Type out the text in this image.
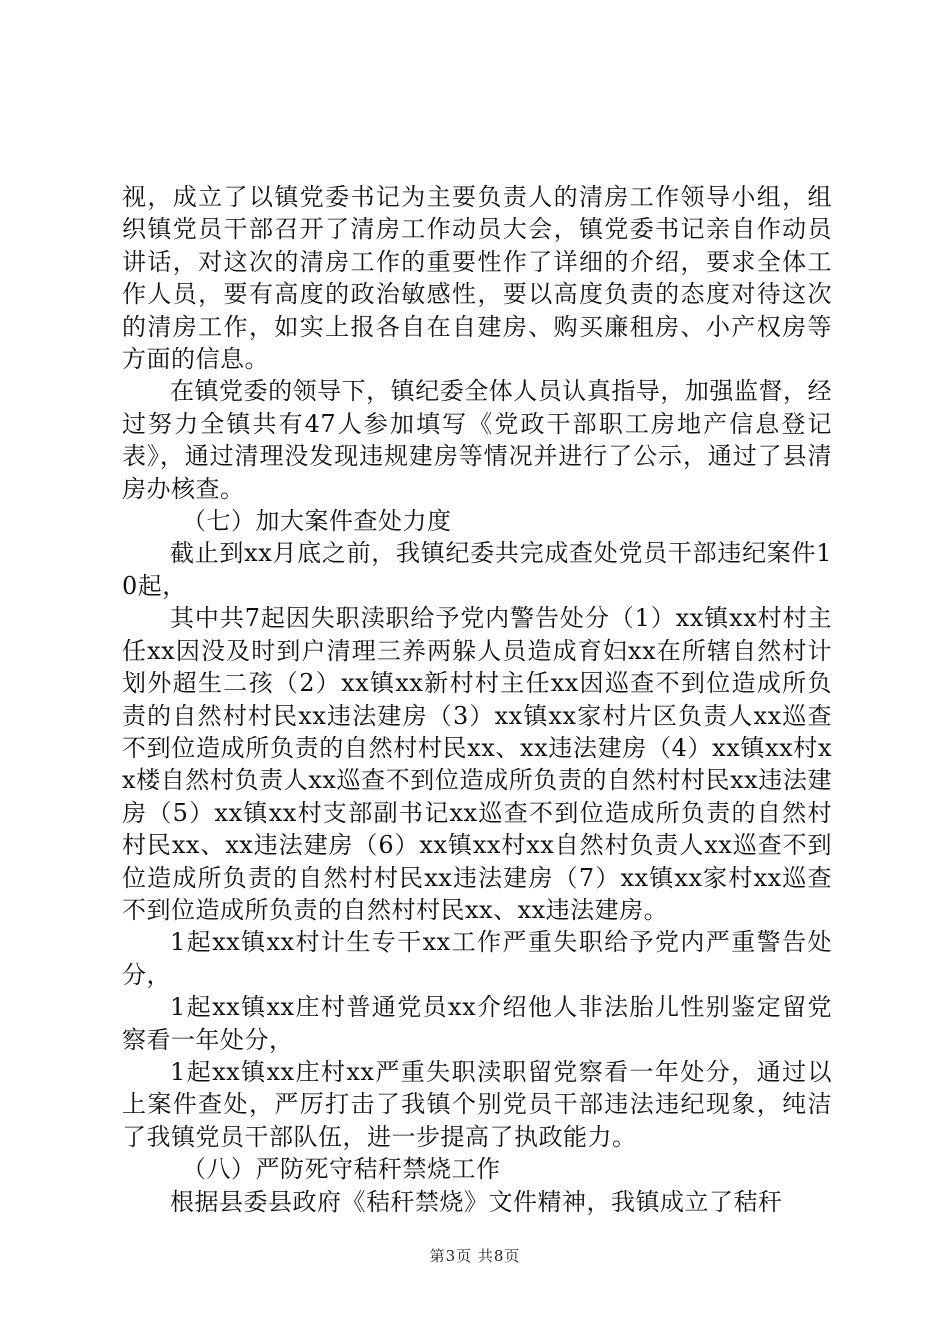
视，成立了以镇党委书记为主要负责人的清房工作领导小组，组织镇党员干部召开了清房工作动员大会，镇党委书记亲自作动员讲话，对这次的清房工作的重要性作了详细的介绍，要求全体工作人员，要有高度的政治敏感性，要以高度负责的态度对待这次的清房工作，如实上报各自在自建房、购买廉租房、小产权房等方面的信息。

在镇党委的领导下，镇纪委全体人员认真指导，加强监督，经过努力全镇共有47人参加填写《党政干部职工房地产信息登记表》，通过清理没发现违规建房等情况并进行了公示，通过了县清房办核查。

（七）加大案件查处力度

截止到xx月底之前，我镇纪委共完成查处党员干部违纪案件10起，

其中共7起因失职渎职给予党内警告处分（1）xx镇xx村村主任xx因没及时到户清理三养两躲人员造成育妇xx在所辖自然村计划外超生二孩（2）xx镇xx新村村主任xx因巡查不到位造成所负责的自然村村民xx违法建房（3）xx镇xx家村片区负责人xx巡查不到位造成所负责的自然村村民xx、xx违法建房（4）xx镇xx村xx楼自然村负责人xx巡查不到位造成所负责的自然村村民xx违法建房（5）xx镇xx村支部副书记xx巡查不到位造成所负责的自然村村民xx、xx违法建房（6）xx镇xx村xx自然村负责人xx巡查不到位造成所负责的自然村村民xx违法建房（7）xx镇xx家村xx巡查不到位造成所负责的自然村村民xx、xx违法建房。

1起xx镇xx村计生专干xx工作严重失职给予党内严重警告处分，

1起xx镇xx庄村普通党员xx介绍他人非法胎儿性别鉴定留党察看一年处分，

1起xx镇xx庄村xx严重失职渎职留党察看一年处分，通过以上案件查处，严厉打击了我镇个别党员干部违法违纪现象，纯洁了我镇党员干部队伍，进一步提高了执政能力。

（八）严防死守秸秆禁烧工作

根据县委县政府《秸秆禁烧》文件精神，我镇成立了秸秆

第3页 共8页
